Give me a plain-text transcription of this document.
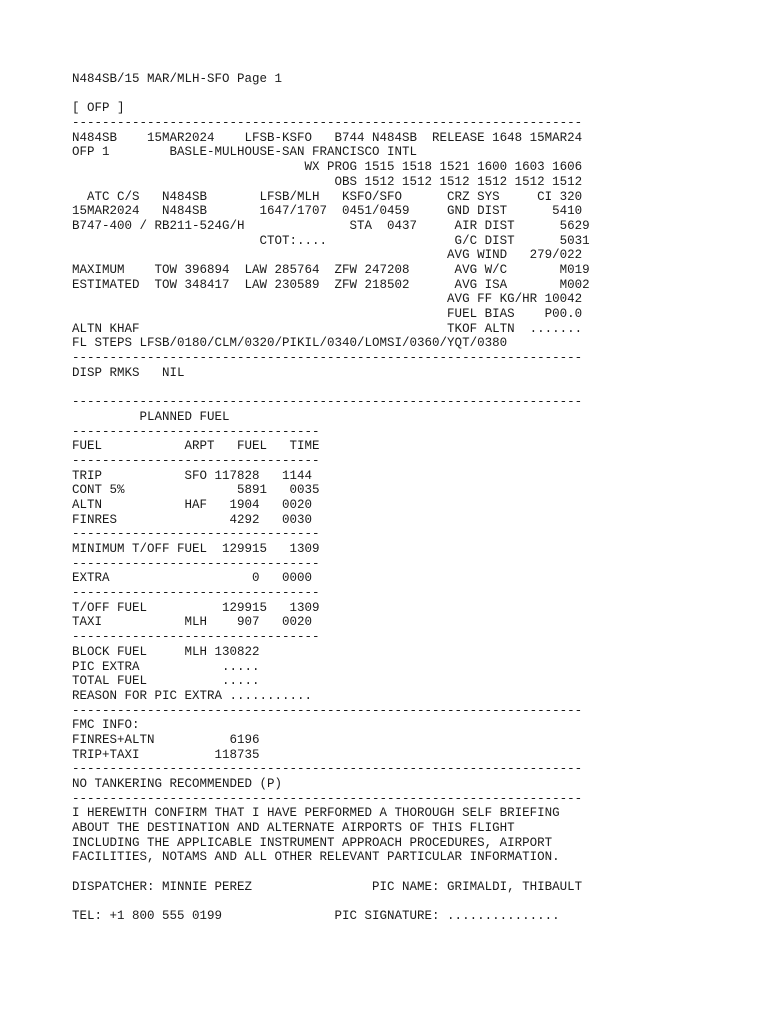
N484SB/15 MAR/MLH-SFO Page 1

[ OFP ]
--------------------------------------------------------------------
N484SB    15MAR2024    LFSB-KSFO   B744 N484SB  RELEASE 1648 15MAR24
OFP 1        BASLE-MULHOUSE-SAN FRANCISCO INTL
WX PROG 1515 1518 1521 1600 1603 1606
OBS 1512 1512 1512 1512 1512 1512
ATC C/S   N484SB       LFSB/MLH   KSFO/SFO      CRZ SYS     CI 320
15MAR2024   N484SB       1647/1707  0451/0459     GND DIST      5410
B747-400 / RB211-524G/H              STA  0437     AIR DIST      5629
CTOT:....                 G/C DIST      5031
AVG WIND   279/022
MAXIMUM    TOW 396894  LAW 285764  ZFW 247208      AVG W/C       M019
ESTIMATED  TOW 348417  LAW 230589  ZFW 218502      AVG ISA       M002
AVG FF KG/HR 10042
FUEL BIAS    P00.0
ALTN KHAF                                         TKOF ALTN  .......
FL STEPS LFSB/0180/CLM/0320/PIKIL/0340/LOMSI/0360/YQT/0380
--------------------------------------------------------------------
DISP RMKS   NIL

--------------------------------------------------------------------
PLANNED FUEL
---------------------------------
FUEL           ARPT   FUEL   TIME
---------------------------------
TRIP           SFO 117828   1144
CONT 5%               5891   0035
ALTN           HAF   1904   0020
FINRES               4292   0030
---------------------------------
MINIMUM T/OFF FUEL  129915   1309
---------------------------------
EXTRA                   0   0000
---------------------------------
T/OFF FUEL          129915   1309
TAXI           MLH    907   0020
---------------------------------
BLOCK FUEL     MLH 130822
PIC EXTRA           .....
TOTAL FUEL          .....
REASON FOR PIC EXTRA ...........
--------------------------------------------------------------------
FMC INFO:
FINRES+ALTN          6196
TRIP+TAXI          118735
--------------------------------------------------------------------
NO TANKERING RECOMMENDED (P)
--------------------------------------------------------------------
I HEREWITH CONFIRM THAT I HAVE PERFORMED A THOROUGH SELF BRIEFING
ABOUT THE DESTINATION AND ALTERNATE AIRPORTS OF THIS FLIGHT
INCLUDING THE APPLICABLE INSTRUMENT APPROACH PROCEDURES, AIRPORT
FACILITIES, NOTAMS AND ALL OTHER RELEVANT PARTICULAR INFORMATION.

DISPATCHER: MINNIE PEREZ                PIC NAME: GRIMALDI, THIBAULT

TEL: +1 800 555 0199               PIC SIGNATURE: ...............
